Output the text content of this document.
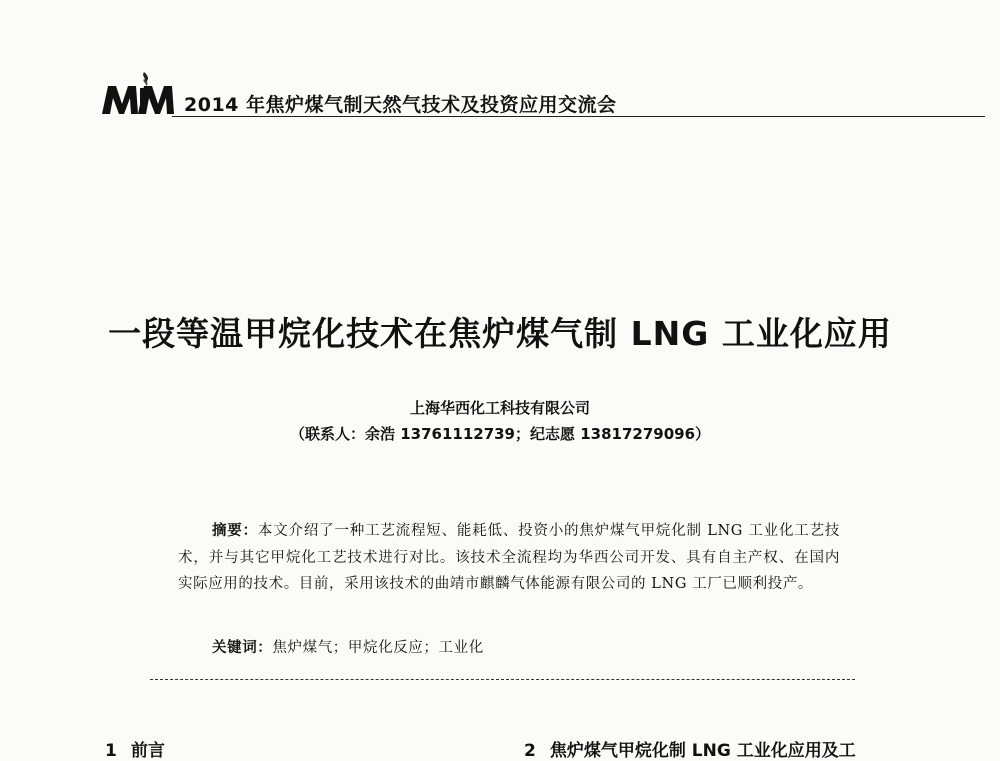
2014 年焦炉煤气制天然气技术及投资应用交流会
一段等温甲烷化技术在焦炉煤气制 LNG 工业化应用
上海华西化工科技有限公司
（联系人：余浩 13761112739；纪志愿 13817279096）
摘要：本文介绍了一种工艺流程短、能耗低、投资小的焦炉煤气甲烷化制 LNG 工业化工艺技术，并与其它甲烷化工艺技术进行对比。该技术全流程均为华西公司开发、具有自主产权、在国内实际应用的技术。目前，采用该技术的曲靖市麒麟气体能源有限公司的 LNG 工厂已顺利投产。
关键词：焦炉煤气；甲烷化反应；工业化
1 前言	2 焦炉煤气甲烷化制 LNG 工业化应用及工
